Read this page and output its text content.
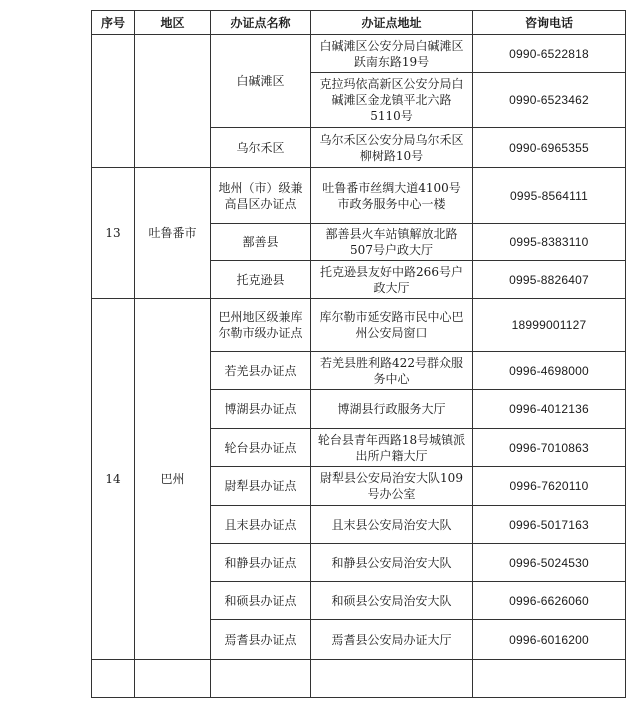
序号	地区	办证点名称	办证点地址	咨询电话
		白碱滩区	白碱滩区公安分局白碱滩区跃南东路19号	0990-6522818
			克拉玛依高新区公安分局白碱滩区金龙镇平北六路5110号	0990-6523462
		乌尔禾区	乌尔禾区公安分局乌尔禾区柳树路10号	0990-6965355
13	吐鲁番市	地州（市）级兼高昌区办证点	吐鲁番市丝绸大道4100号市政务服务中心一楼	0995-8564111
		鄯善县	鄯善县火车站镇解放北路507号户政大厅	0995-8383110
		托克逊县	托克逊县友好中路266号户政大厅	0995-8826407
14	巴州	巴州地区级兼库尔勒市级办证点	库尔勒市延安路市民中心巴州公安局窗口	18999001127
		若羌县办证点	若羌县胜利路422号群众服务中心	0996-4698000
		博湖县办证点	博湖县行政服务大厅	0996-4012136
		轮台县办证点	轮台县青年西路18号城镇派出所户籍大厅	0996-7010863
		尉犁县办证点	尉犁县公安局治安大队109号办公室	0996-7620110
		且末县办证点	且末县公安局治安大队	0996-5017163
		和静县办证点	和静县公安局治安大队	0996-5024530
		和硕县办证点	和硕县公安局治安大队	0996-6626060
		焉耆县办证点	焉耆县公安局办证大厅	0996-6016200
